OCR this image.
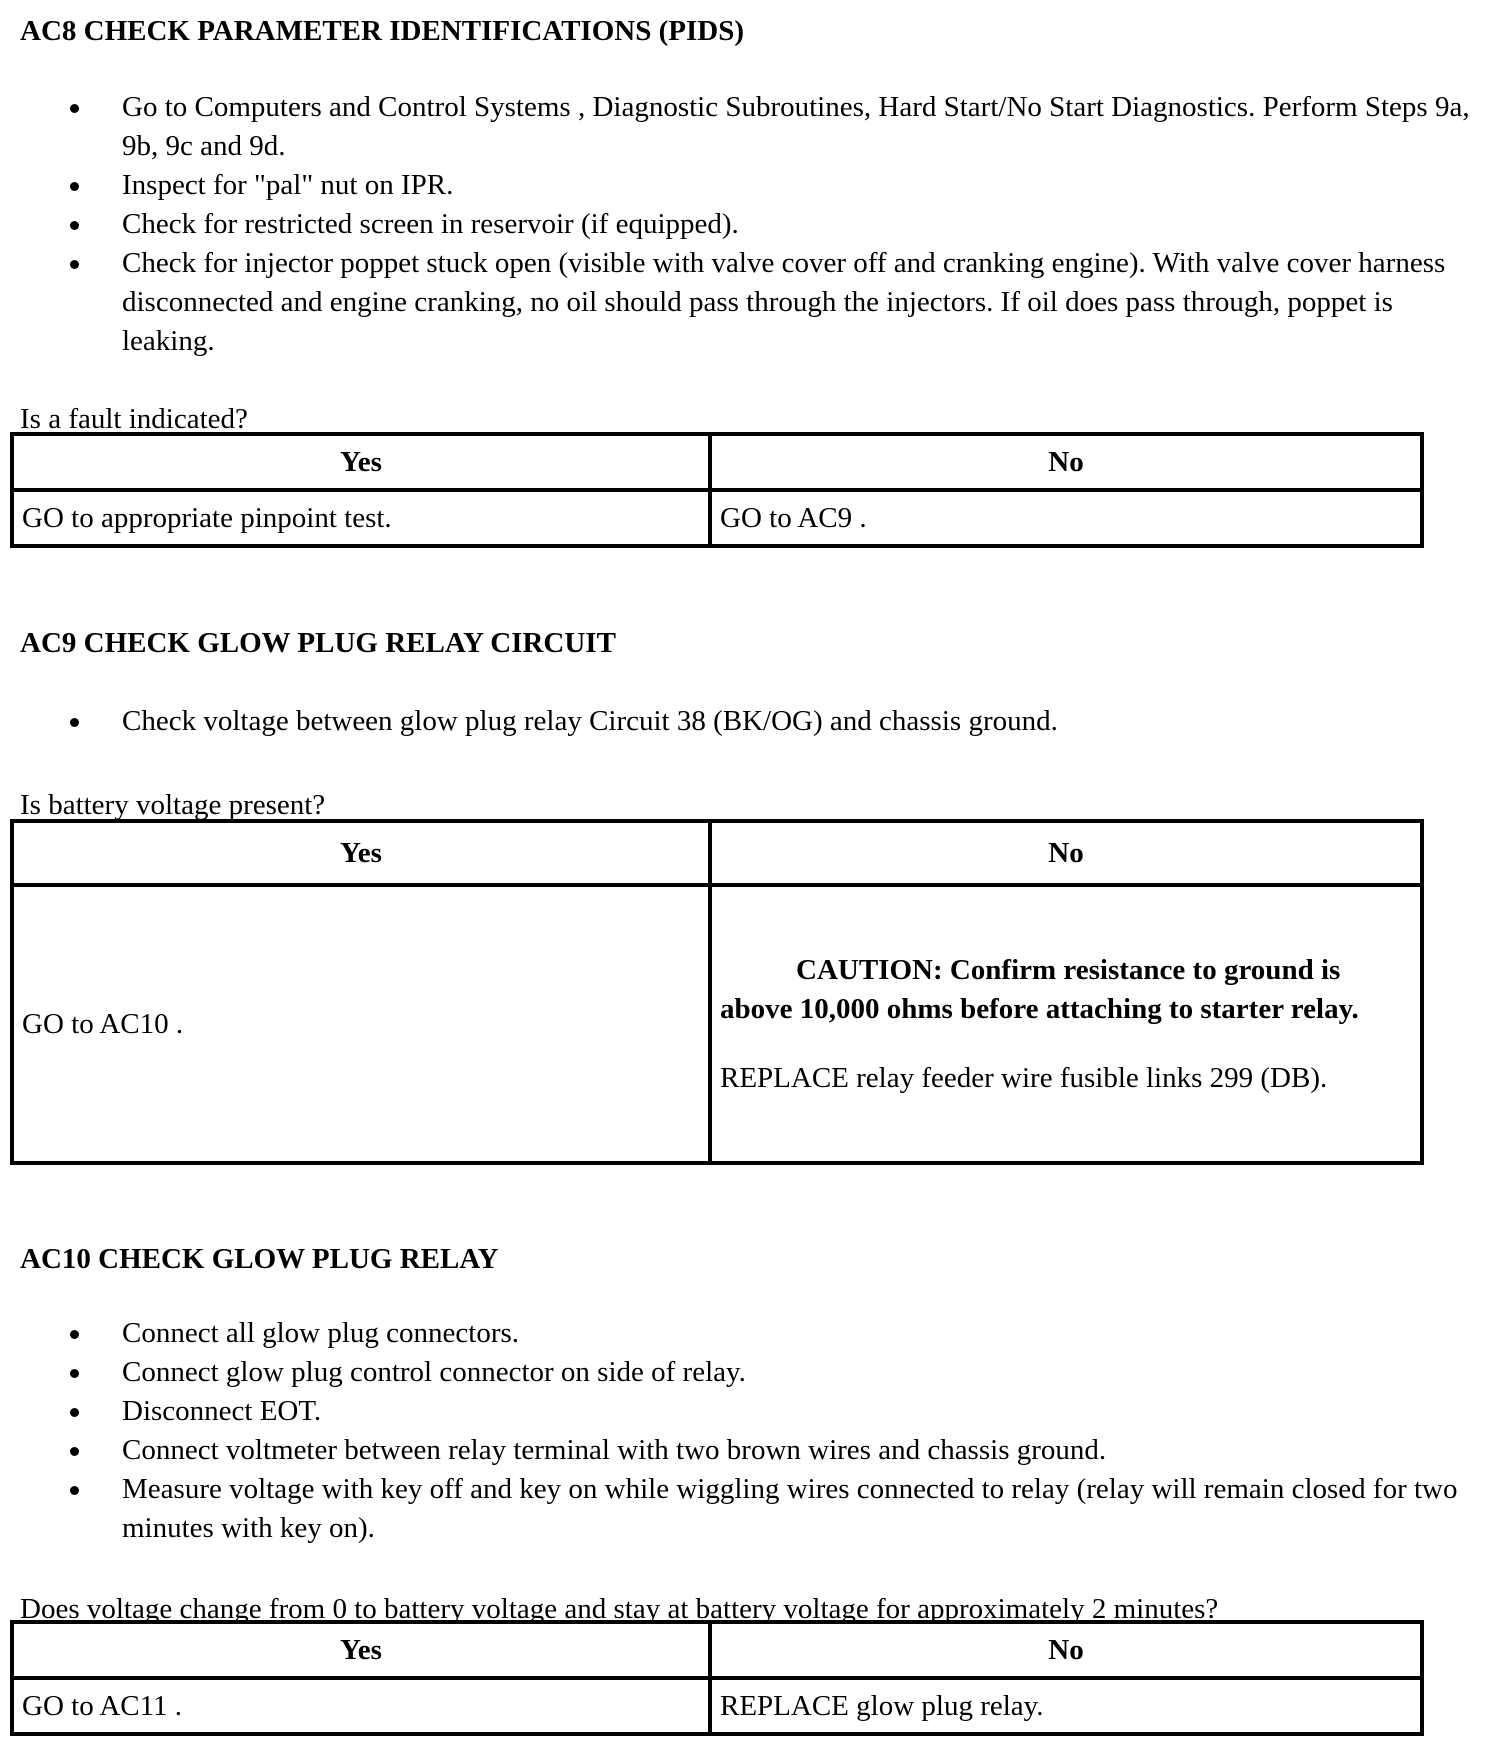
AC8 CHECK PARAMETER IDENTIFICATIONS (PIDS)
Go to Computers and Control Systems , Diagnostic Subroutines, Hard Start/No Start Diagnostics. Perform Steps 9a, 9b, 9c and 9d.
Inspect for "pal" nut on IPR.
Check for restricted screen in reservoir (if equipped).
Check for injector poppet stuck open (visible with valve cover off and cranking engine). With valve cover harness disconnected and engine cranking, no oil should pass through the injectors. If oil does pass through, poppet is leaking.
Is a fault indicated?
Yes	No
GO to appropriate pinpoint test.	GO to AC9 .
AC9 CHECK GLOW PLUG RELAY CIRCUIT
Check voltage between glow plug relay Circuit 38 (BK/OG) and chassis ground.
Is battery voltage present?
Yes	No
GO to AC10 .	CAUTION: Confirm resistance to ground is above 10,000 ohms before attaching to starter relay.

REPLACE relay feeder wire fusible links 299 (DB).

AC10 CHECK GLOW PLUG RELAY
Connect all glow plug connectors.
Connect glow plug control connector on side of relay.
Disconnect EOT.
Connect voltmeter between relay terminal with two brown wires and chassis ground.
Measure voltage with key off and key on while wiggling wires connected to relay (relay will remain closed for two minutes with key on).
Does voltage change from 0 to battery voltage and stay at battery voltage for approximately 2 minutes?
Yes	No
GO to AC11 .	REPLACE glow plug relay.
